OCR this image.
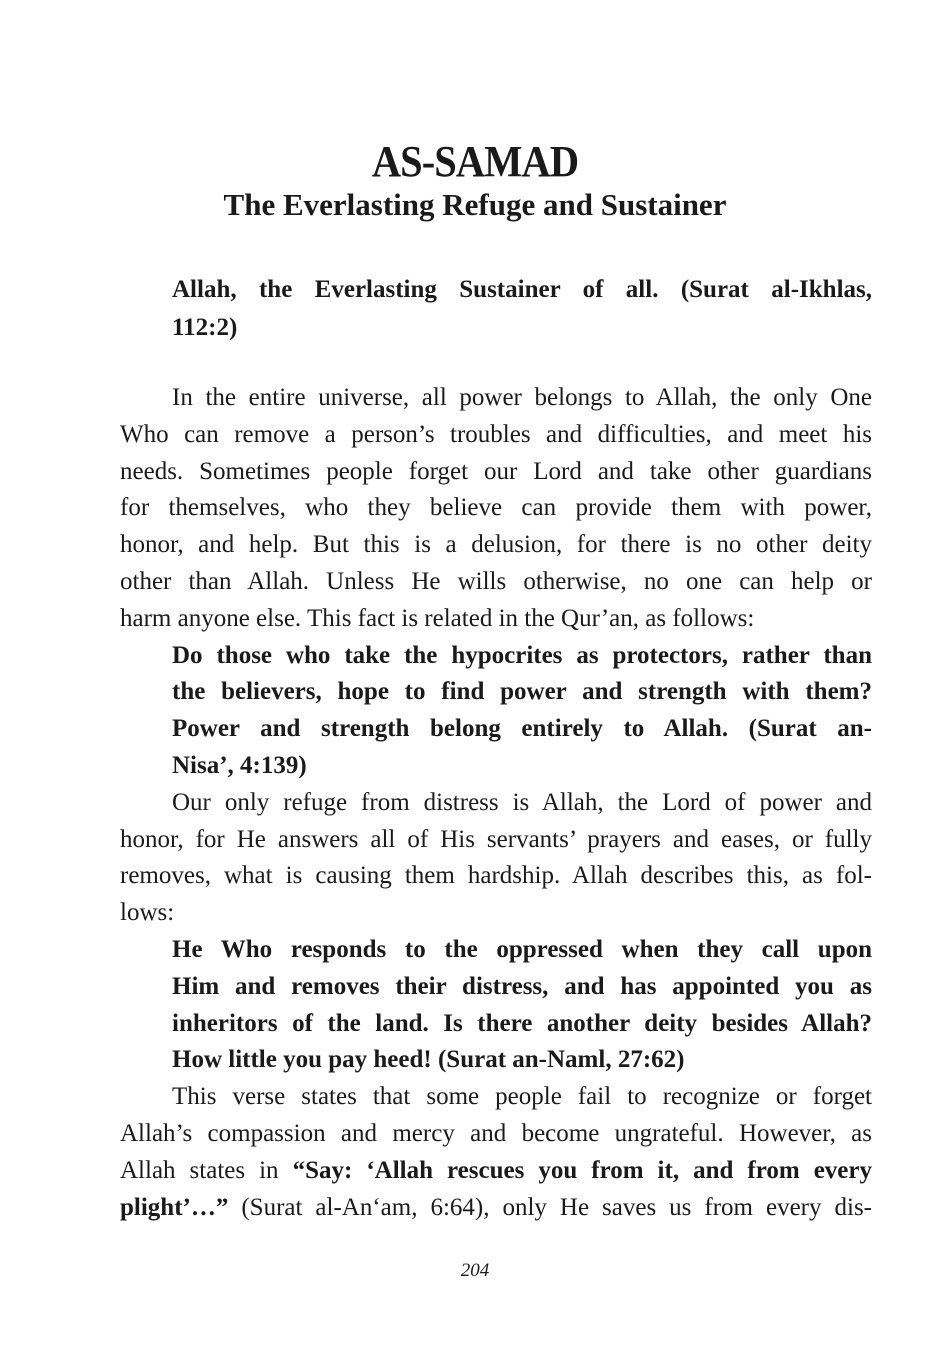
AS-SAMAD
The Everlasting Refuge and Sustainer
Allah, the Everlasting Sustainer of all. (Surat al-Ikhlas,
112:2)
In the entire universe, all power belongs to Allah, the only One
Who can remove a person’s troubles and difficulties, and meet his
needs. Sometimes people forget our Lord and take other guardians
for themselves, who they believe can provide them with power,
honor, and help. But this is a delusion, for there is no other deity
other than Allah. Unless He wills otherwise, no one can help or
harm anyone else. This fact is related in the Qur’an, as follows:
Do those who take the hypocrites as protectors, rather than
the believers, hope to find power and strength with them?
Power and strength belong entirely to Allah. (Surat an-
Nisa’, 4:139)
Our only refuge from distress is Allah, the Lord of power and
honor, for He answers all of His servants’ prayers and eases, or fully
removes, what is causing them hardship. Allah describes this, as fol-
lows:
He Who responds to the oppressed when they call upon
Him and removes their distress, and has appointed you as
inheritors of the land. Is there another deity besides Allah?
How little you pay heed! (Surat an-Naml, 27:62)
This verse states that some people fail to recognize or forget
Allah’s compassion and mercy and become ungrateful. However, as
Allah states in “Say: ‘Allah rescues you from it, and from every
plight’…” (Surat al-An‘am, 6:64), only He saves us from every dis-
204
